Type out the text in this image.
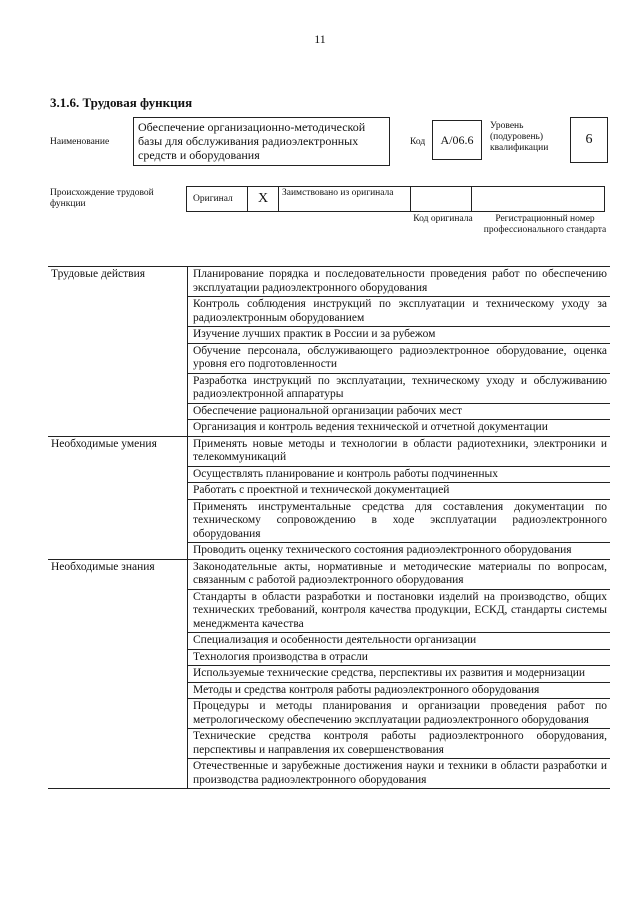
11
3.1.6. Трудовая функция
Наименование
Обеспечение организационно-методической базы для обслуживания радиоэлектронных средств и оборудования
Код	А/06.6
Уровень (подуровень) квалификации
6
Происхождение трудовой функции
Оригинал	X	Заимствовано из оригинала
Код оригинала	Регистрационный номер профессионального стандарта
Трудовые действия	Планирование порядка и последовательности проведения работ по обеспечению эксплуатации радиоэлектронного оборудования
Контроль соблюдения инструкций по эксплуатации и техническому уходу за радиоэлектронным оборудованием
Изучение лучших практик в России и за рубежом
Обучение персонала, обслуживающего радиоэлектронное оборудование, оценка уровня его подготовленности
Разработка инструкций по эксплуатации, техническому уходу и обслуживанию радиоэлектронной аппаратуры
Обеспечение рациональной организации рабочих мест
Организация и контроль ведения технической и отчетной документации
Необходимые умения	Применять новые методы и технологии в области радиотехники, электроники и телекоммуникаций
Осуществлять планирование и контроль работы подчиненных
Работать с проектной и технической документацией
Применять инструментальные средства для составления документации по техническому сопровождению в ходе эксплуатации радиоэлектронного оборудования
Проводить оценку технического состояния радиоэлектронного оборудования
Необходимые знания	Законодательные акты, нормативные и методические материалы по вопросам, связанным с работой радиоэлектронного оборудования
Стандарты в области разработки и постановки изделий на производство, общих технических требований, контроля качества продукции, ЕСКД, стандарты системы менеджмента качества
Специализация и особенности деятельности организации
Технология производства в отрасли
Используемые технические средства, перспективы их развития и модернизации
Методы и средства контроля работы радиоэлектронного оборудования
Процедуры и методы планирования и организации проведения работ по метрологическому обеспечению эксплуатации радиоэлектронного оборудования
Технические средства контроля работы радиоэлектронного оборудования, перспективы и направления их совершенствования
Отечественные и зарубежные достижения науки и техники в области разработки и производства радиоэлектронного оборудования
